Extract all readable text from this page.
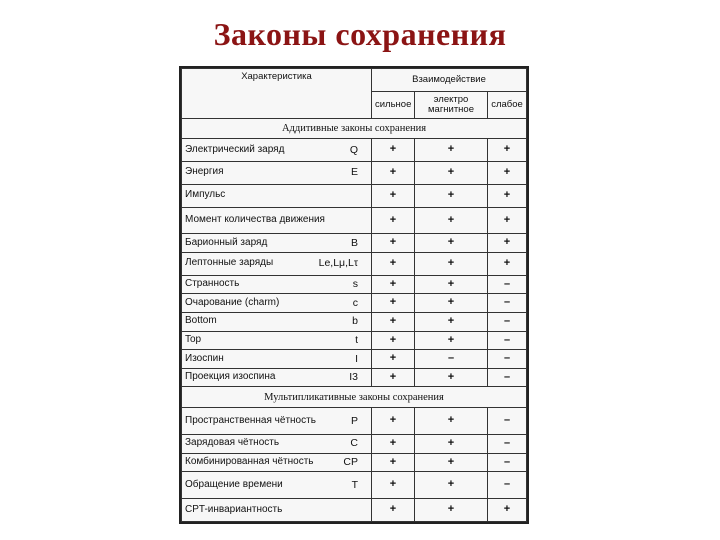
Законы сохранения
Характеристика	Взаимодействие		
	сильное	электро магнитное	слабое
Аддитивные законы сохранения			

Электрический заряд Q	+	+	+

Энергия E	+	+	+

Импульс	+	+	+

Момент количества движения	+	+	+

Барионный заряд B	+	+	+

Лептонные заряды Le,Lμ,Lτ	+	+	+

Странность s	+	+	–

Очарование (charm) c	+	+	–

Bottom b	+	+	–

Top t	+	+	–

Изоспин I	+	–	–

Проекция изоспина I3	+	+	–
Мультипликативные законы сохранения			

Пространственная чётность P	+	+	–

Зарядовая чётность C	+	+	–

Комбинированная чётность CP	+	+	–

Обращение времени T	+	+	–

CPT-инвариантность	+	+	+
